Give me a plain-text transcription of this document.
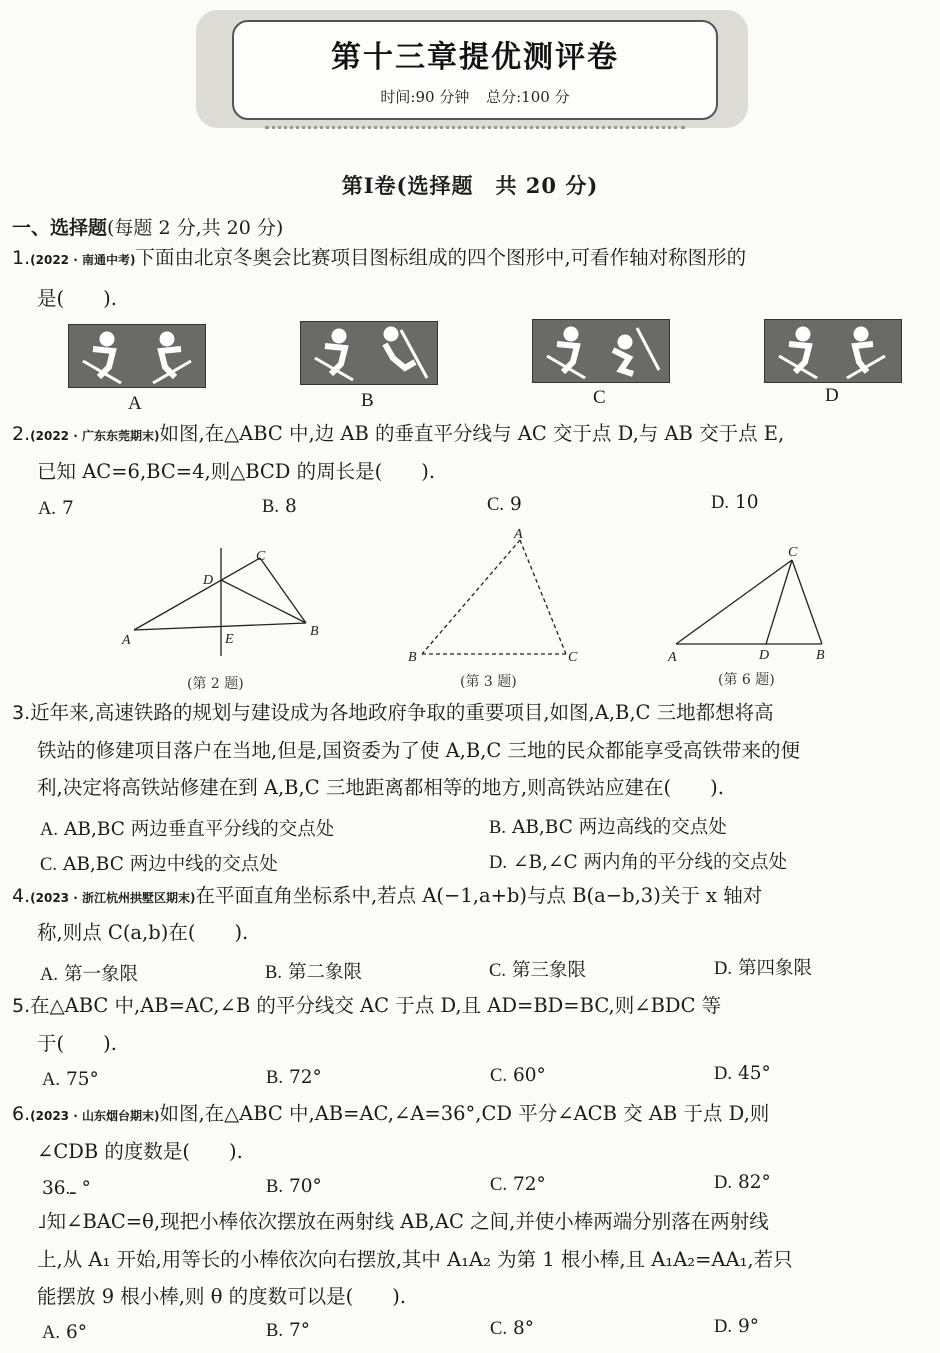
第十三章提优测评卷
时间:90 分钟 总分:100 分
第Ⅰ卷(选择题　共 20 分)
一、选择题(每题 2 分,共 20 分)
1.(2022 · 南通中考)下面由北京冬奥会比赛项目图标组成的四个图形中,可看作轴对称图形的
是(　　).
A	B	C	D
2.(2022 · 广东东莞期末)如图,在△ABC 中,边 AB 的垂直平分线与 AC 交于点 D,与 AB 交于点 E,
已知 AC=6,BC=4,则△BCD 的周长是(　　).
A. 7	B. 8	C. 9	D. 10
A
B
C
D
E
(第 2 题)
A
B	C
(第 3 题)
A	B
C
D
(第 6 题)
3.近年来,高速铁路的规划与建设成为各地政府争取的重要项目,如图,A,B,C 三地都想将高
铁站的修建项目落户在当地,但是,国资委为了使 A,B,C 三地的民众都能享受高铁带来的便
利,决定将高铁站修建在到 A,B,C 三地距离都相等的地方,则高铁站应建在(　　).
A. AB,BC 两边垂直平分线的交点处	B. AB,BC 两边高线的交点处
C. AB,BC 两边中线的交点处	D. ∠B,∠C 两内角的平分线的交点处
4.(2023 · 浙江杭州拱墅区期末)在平面直角坐标系中,若点 A(−1,a+b)与点 B(a−b,3)关于 x 轴对
称,则点 C(a,b)在(　　).
A. 第一象限	B. 第二象限	C. 第三象限	D. 第四象限
5.在△ABC 中,AB=AC,∠B 的平分线交 AC 于点 D,且 AD=BD=BC,则∠BDC 等
于(　　).
A. 75°	B. 72°	C. 60°	D. 45°
6.(2023 · 山东烟台期末)如图,在△ABC 中,AB=AC,∠A=36°,CD 平分∠ACB 交 AB 于点 D,则
∠CDB 的度数是(　　).
ـ.36°	B. 70°	C. 72°	D. 82°
˩知∠BAC=θ,现把小棒依次摆放在两射线 AB,AC 之间,并使小棒两端分别落在两射线
上,从 A₁ 开始,用等长的小棒依次向右摆放,其中 A₁A₂ 为第 1 根小棒,且 A₁A₂=AA₁,若只
能摆放 9 根小棒,则 θ 的度数可以是(　　).
A. 6°	B. 7°	C. 8°	D. 9°
